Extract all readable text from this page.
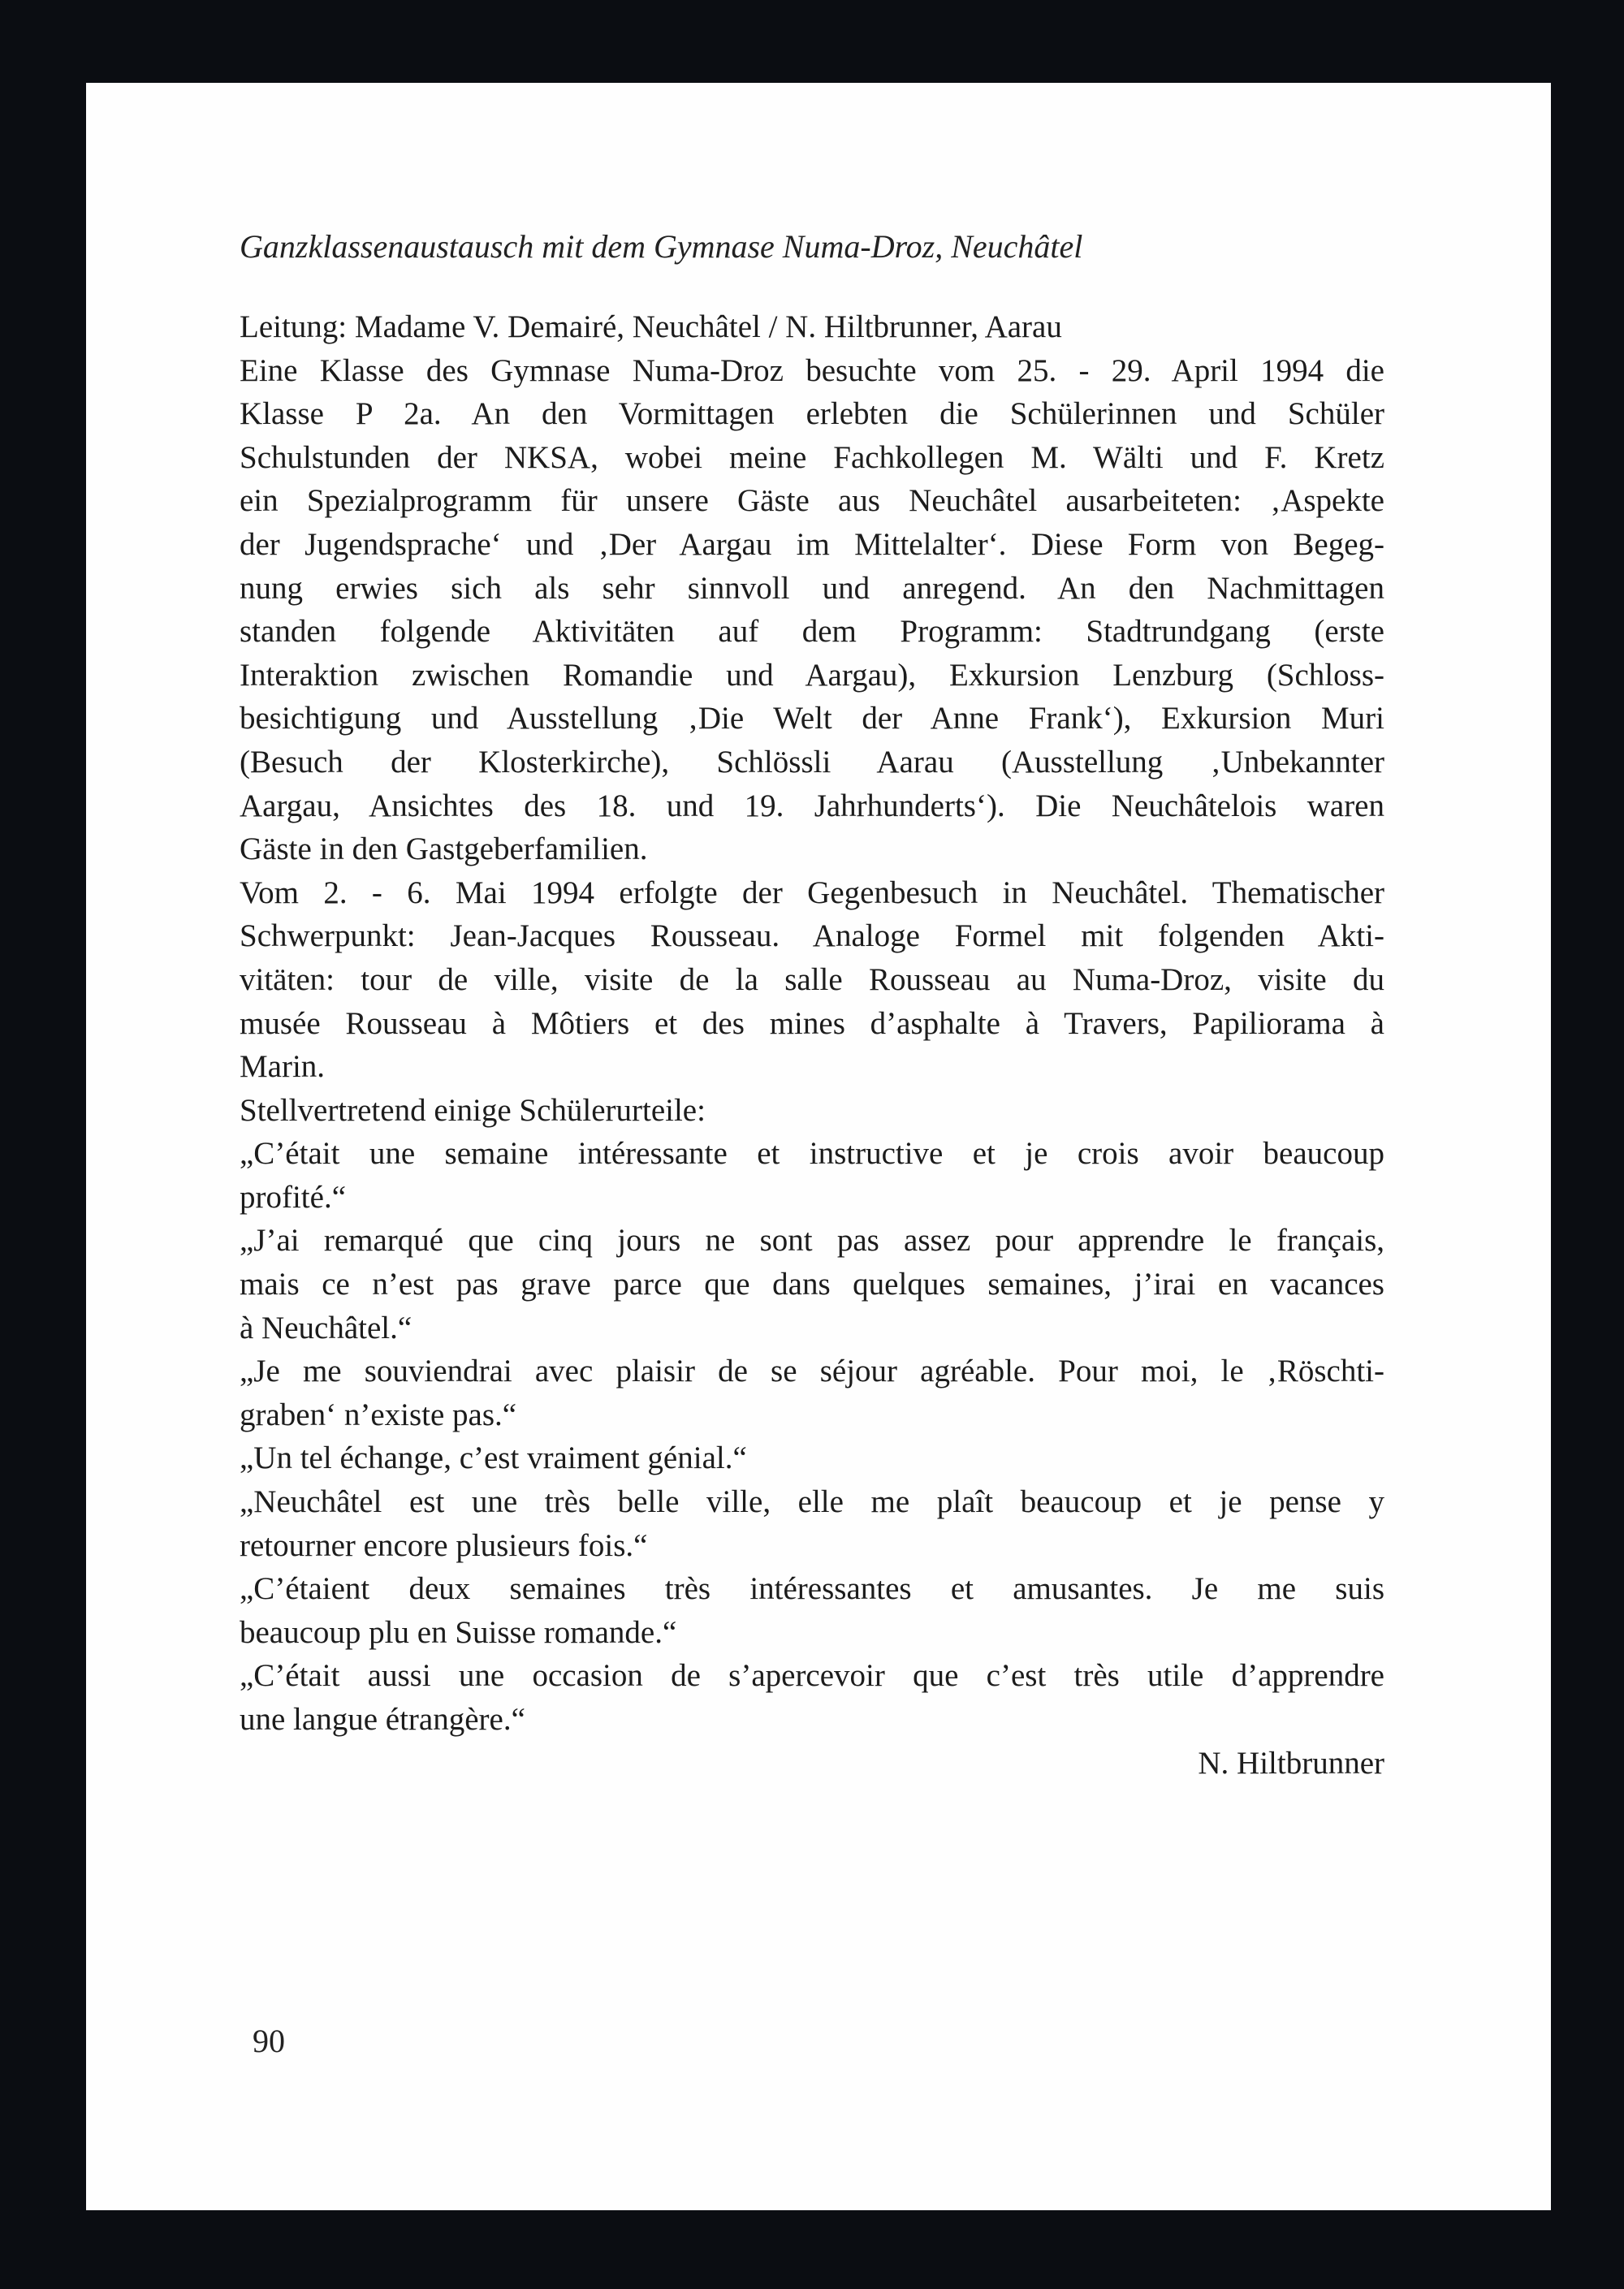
Ganzklassenaustausch mit dem Gymnase Numa-Droz, Neuchâtel
Leitung: Madame V. Demairé, Neuchâtel / N. Hiltbrunner, Aarau
Eine Klasse des Gymnase Numa-Droz besuchte vom 25. - 29. April 1994 die
Klasse P 2a. An den Vormittagen erlebten die Schülerinnen und Schüler
Schulstunden der NKSA, wobei meine Fachkollegen M. Wälti und F. Kretz
ein Spezialprogramm für unsere Gäste aus Neuchâtel ausarbeiteten: ‚Aspekte
der Jugendsprache‘ und ‚Der Aargau im Mittelalter‘. Diese Form von Begeg-
nung erwies sich als sehr sinnvoll und anregend. An den Nachmittagen
standen folgende Aktivitäten auf dem Programm: Stadtrundgang (erste
Interaktion zwischen Romandie und Aargau), Exkursion Lenzburg (Schloss-
besichtigung und Ausstellung ‚Die Welt der Anne Frank‘), Exkursion Muri
(Besuch der Klosterkirche), Schlössli Aarau (Ausstellung ‚Unbekannter
Aargau, Ansichtes des 18. und 19. Jahrhunderts‘). Die Neuchâtelois waren
Gäste in den Gastgeberfamilien.
Vom 2. - 6. Mai 1994 erfolgte der Gegenbesuch in Neuchâtel. Thematischer
Schwerpunkt: Jean-Jacques Rousseau. Analoge Formel mit folgenden Akti-
vitäten: tour de ville, visite de la salle Rousseau au Numa-Droz, visite du
musée Rousseau à Môtiers et des mines d’asphalte à Travers, Papiliorama à
Marin.
Stellvertretend einige Schülerurteile:
„C’était une semaine intéressante et instructive et je crois avoir beaucoup
profité.“
„J’ai remarqué que cinq jours ne sont pas assez pour apprendre le français,
mais ce n’est pas grave parce que dans quelques semaines, j’irai en vacances
à Neuchâtel.“
„Je me souviendrai avec plaisir de se séjour agréable. Pour moi, le ‚Röschti-
graben‘ n’existe pas.“
„Un tel échange, c’est vraiment génial.“
„Neuchâtel est une très belle ville, elle me plaît beaucoup et je pense y
retourner encore plusieurs fois.“
„C’étaient deux semaines très intéressantes et amusantes. Je me suis
beaucoup plu en Suisse romande.“
„C’était aussi une occasion de s’apercevoir que c’est très utile d’apprendre
une langue étrangère.“
N. Hiltbrunner
90
